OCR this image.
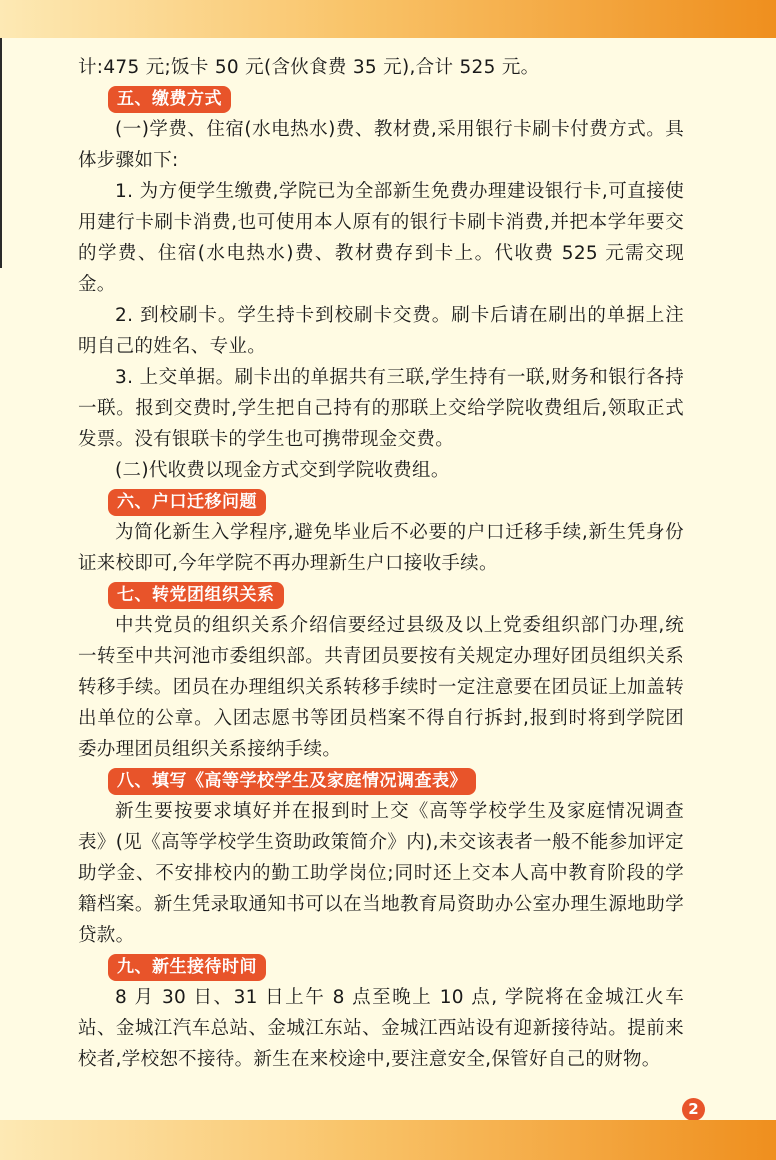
计:475 元;饭卡 50 元(含伙食费 35 元),合计 525 元。

五、缴费方式

(一)学费、住宿(水电热水)费、教材费,采用银行卡刷卡付费方式。具体步骤如下:

1. 为方便学生缴费,学院已为全部新生免费办理建设银行卡,可直接使用建行卡刷卡消费,也可使用本人原有的银行卡刷卡消费,并把本学年要交的学费、住宿(水电热水)费、教材费存到卡上。代收费 525 元需交现金。

2. 到校刷卡。学生持卡到校刷卡交费。刷卡后请在刷出的单据上注明自己的姓名、专业。

3. 上交单据。刷卡出的单据共有三联,学生持有一联,财务和银行各持一联。报到交费时,学生把自己持有的那联上交给学院收费组后,领取正式发票。没有银联卡的学生也可携带现金交费。

(二)代收费以现金方式交到学院收费组。

六、户口迁移问题

为简化新生入学程序,避免毕业后不必要的户口迁移手续,新生凭身份证来校即可,今年学院不再办理新生户口接收手续。

七、转党团组织关系

中共党员的组织关系介绍信要经过县级及以上党委组织部门办理,统一转至中共河池市委组织部。共青团员要按有关规定办理好团员组织关系转移手续。团员在办理组织关系转移手续时一定注意要在团员证上加盖转出单位的公章。入团志愿书等团员档案不得自行拆封,报到时将到学院团委办理团员组织关系接纳手续。

八、填写《高等学校学生及家庭情况调查表》

新生要按要求填好并在报到时上交《高等学校学生及家庭情况调查表》(见《高等学校学生资助政策简介》内),未交该表者一般不能参加评定助学金、不安排校内的勤工助学岗位;同时还上交本人高中教育阶段的学籍档案。新生凭录取通知书可以在当地教育局资助办公室办理生源地助学贷款。

九、新生接待时间

8 月 30 日、31 日上午 8 点至晚上 10 点, 学院将在金城江火车站、金城江汽车总站、金城江东站、金城江西站设有迎新接待站。提前来校者,学校恕不接待。新生在来校途中,要注意安全,保管好自己的财物。

2
